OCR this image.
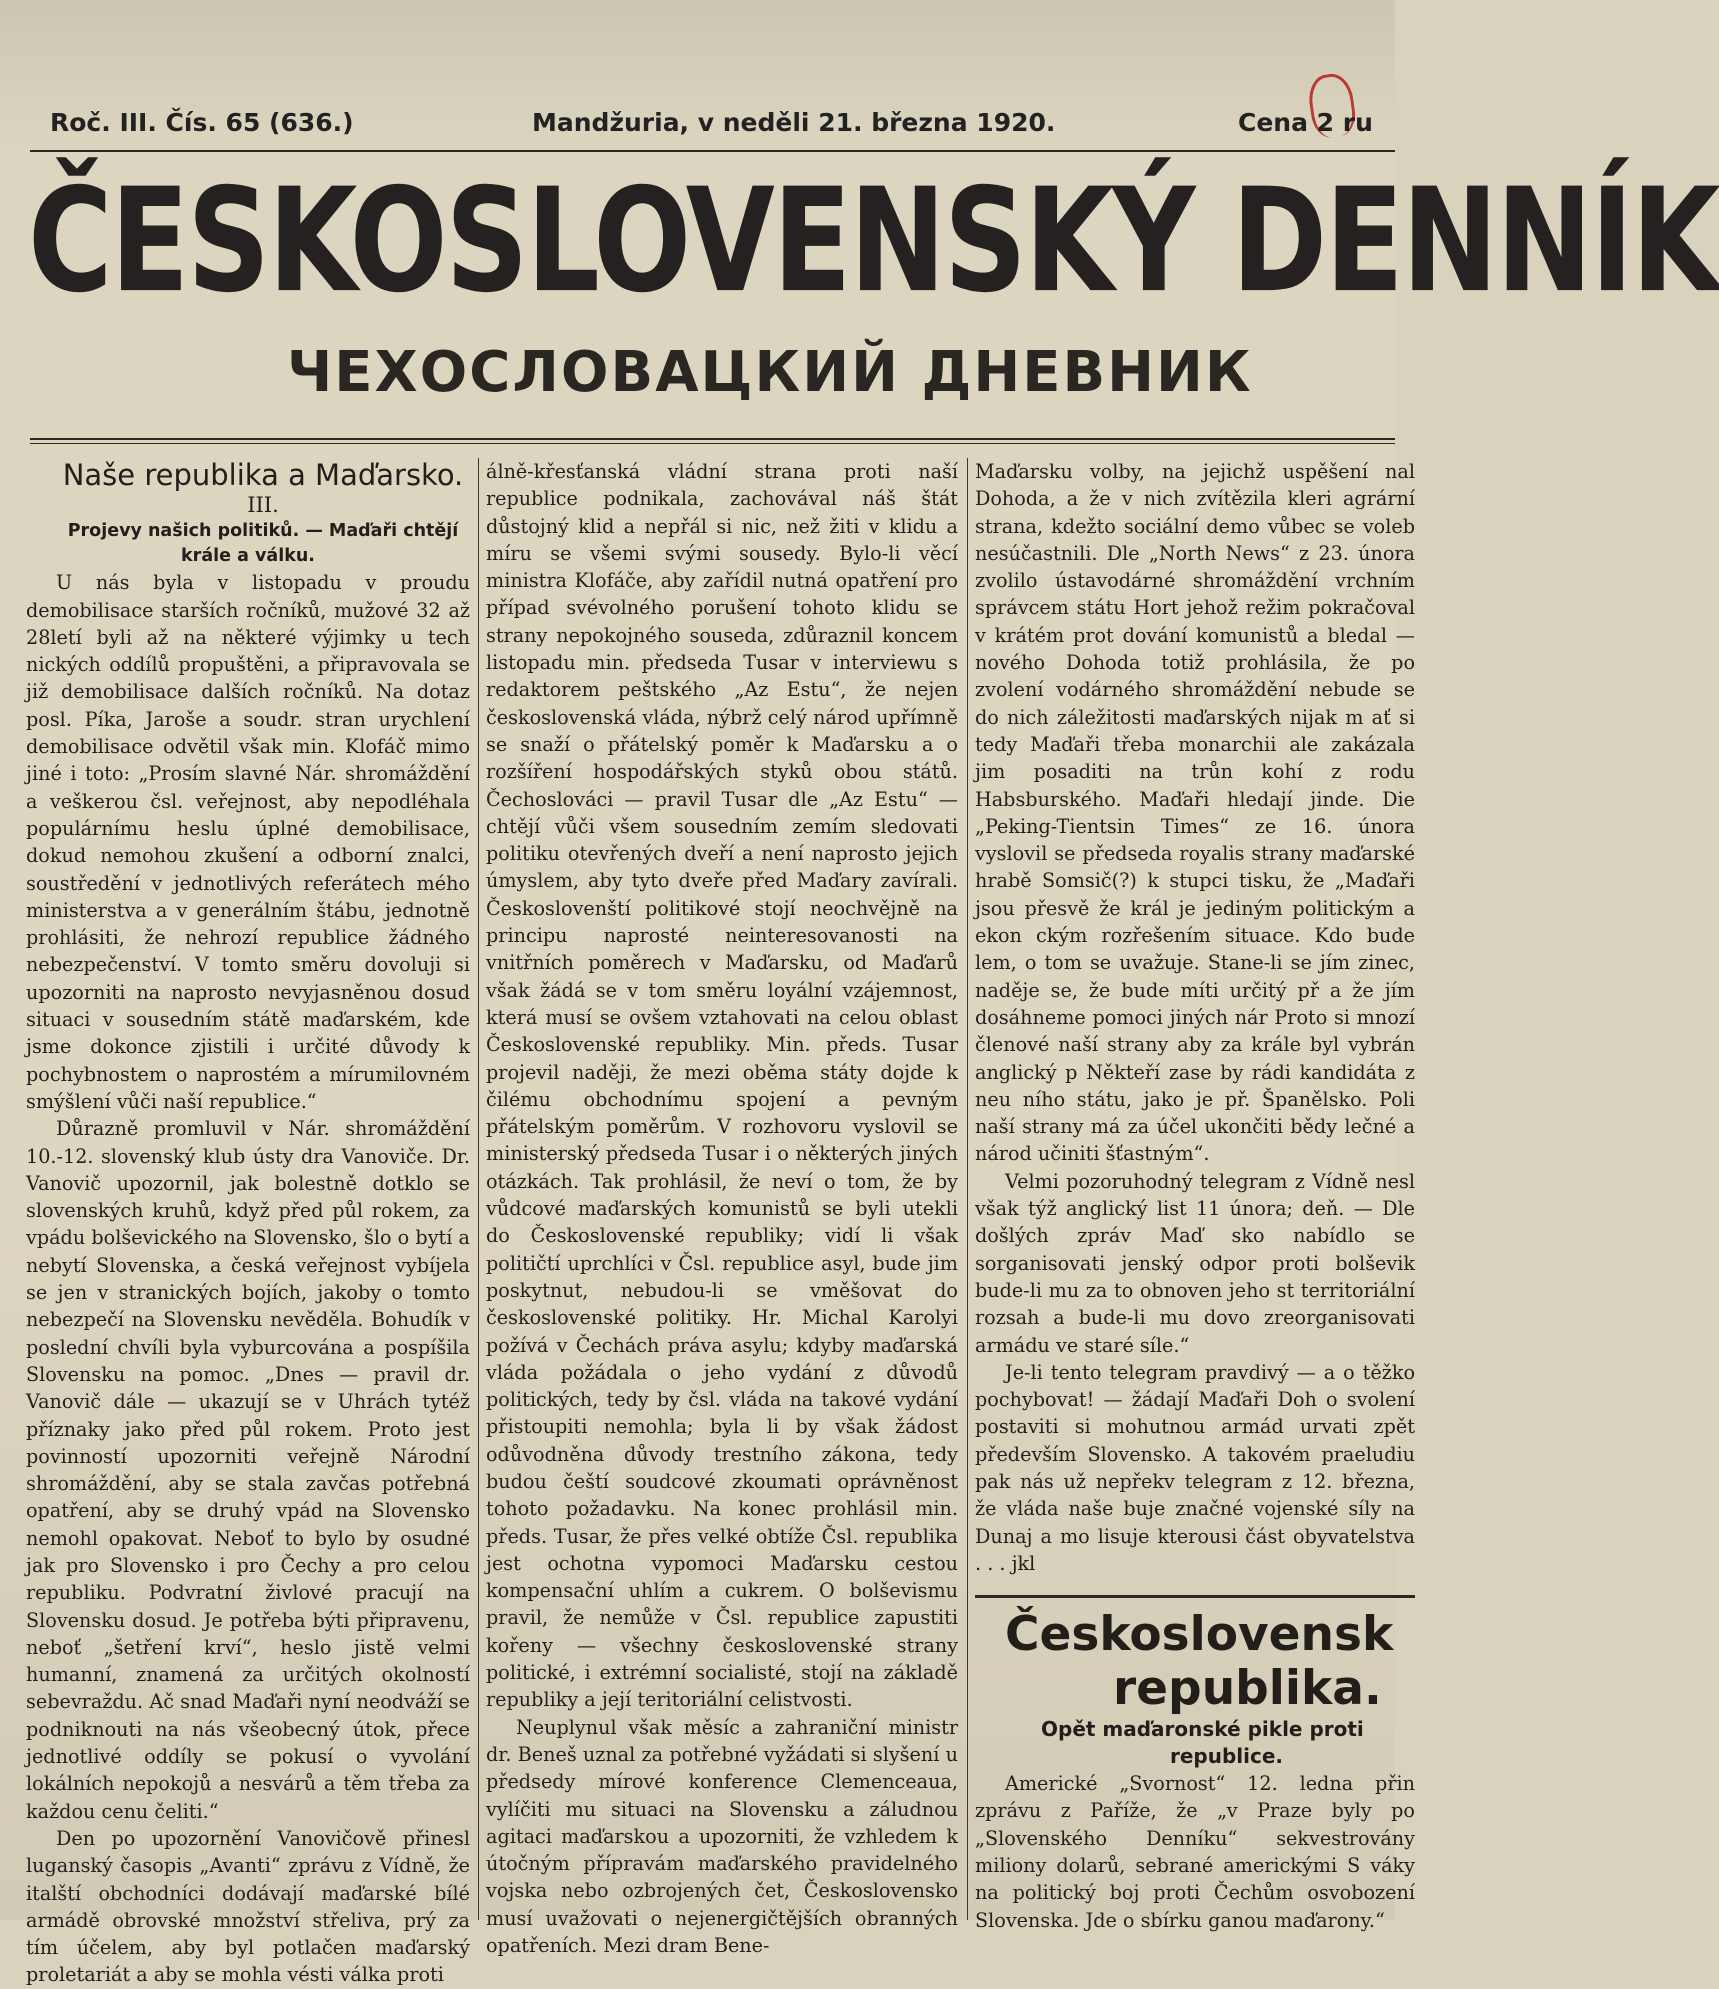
Roč. III. Čís. 65 (636.)	Mandžuria, v neděli 21. března 1920.	Cena 2 ru
ČESKOSLOVENSKÝ DENNÍK
ЧЕХОСЛОВАЦКИЙ ДНЕВНИК

Naše republika a Maďarsko.

III.

Projevy našich politiků. — Maďaři chtějí krále a válku.

U nás byla v listopadu v proudu demobilisace starších ročníků, mužové 32 až 28letí byli až na některé výjimky u tech nických oddílů propuštěni, a připravovala se již demobilisace dalších ročníků. Na dotaz posl. Píka, Jaroše a soudr. stran urychlení demobilisace odvětil však min. Klofáč mimo jiné i toto: „Prosím slavné Nár. shromáždění a veškerou čsl. veřejnost, aby nepodléhala populárnímu heslu úplné demobilisace, dokud nemohou zkušení a odborní znalci, soustředění v jednotlivých referátech mého ministerstva a v generálním štábu, jednotně prohlásiti, že nehrozí republice žádného nebezpečenství. V tomto směru dovoluji si upozorniti na naprosto nevyjasněnou dosud situaci v sousedním státě maďarském, kde jsme dokonce zjistili i určité důvody k pochybnostem o naprostém a mírumilovném smýšlení vůči naší republice.“

Důrazně promluvil v Nár. shromáždění 10.-12. slovenský klub ústy dra Vanoviče. Dr. Vanovič upozornil, jak bolestně dotklo se slovenských kruhů, když před půl rokem, za vpádu bolševického na Slovensko, šlo o bytí a nebytí Slovenska, a česká veřejnost vybíjela se jen v stranických bojích, jakoby o tomto nebezpečí na Slovensku nevěděla. Bohudík v poslední chvíli byla vyburcována a pospíšila Slovensku na pomoc. „Dnes — pravil dr. Vanovič dále — ukazují se v Uhrách tytéž příznaky jako před půl rokem. Proto jest povinností upozorniti veřejně Národní shromáždění, aby se stala zavčas potřebná opatření, aby se druhý vpád na Slovensko nemohl opakovat. Neboť to bylo by osudné jak pro Slovensko i pro Čechy a pro celou republiku. Podvratní živlové pracují na Slovensku dosud. Je potřeba býti připravenu, neboť „šetření krví“, heslo jistě velmi humanní, znamená za určitých okolností sebevraždu. Ač snad Maďaři nyní neodváží se podniknouti na nás všeobecný útok, přece jednotlivé oddíly se pokusí o vyvolání lokálních nepokojů a nesvárů a těm třeba za každou cenu čeliti.“

Den po upozornění Vanovičově přinesl luganský časopis „Avanti“ zprávu z Vídně, že italští obchodníci dodávají maďarské bílé armádě obrovské množství střeliva, prý za tím účelem, aby byl potlačen maďarský proletariát a aby se mohla vésti válka proti

álně-křesťanská vládní strana proti naší republice podnikala, zachovával náš štát důstojný klid a nepřál si nic, než žiti v klidu a míru se všemi svými sousedy. Bylo-li věcí ministra Klofáče, aby zařídil nutná opatření pro případ svévolného porušení tohoto klidu se strany nepokojného souseda, zdůraznil koncem listopadu min. předseda Tusar v interviewu s redaktorem peštského „Az Estu“, že nejen československá vláda, nýbrž celý národ upřímně se snaží o přátelský poměr k Maďarsku a o rozšíření hospodářských styků obou států. Čechoslováci — pravil Tusar dle „Az Estu“ — chtějí vůči všem sousedním zemím sledovati politiku otevřených dveří a není naprosto jejich úmyslem, aby tyto dveře před Maďary zavírali. Českoslovenští politikové stojí neochvějně na principu naprosté neinteresovanosti na vnitřních poměrech v Maďarsku, od Maďarů však žádá se v tom směru loyální vzájemnost, která musí se ovšem vztahovati na celou oblast Československé republiky. Min. předs. Tusar projevil naději, že mezi oběma státy dojde k čilému obchodnímu spojení a pevným přátelským poměrům. V rozhovoru vyslovil se ministerský předseda Tusar i o některých jiných otázkách. Tak prohlásil, že neví o tom, že by vůdcové maďarských komunistů se byli utekli do Československé republiky; vidí li však političtí uprchlíci v Čsl. republice asyl, bude jim poskytnut, nebudou-li se vměšovat do československé politiky. Hr. Michal Karolyi požívá v Čechách práva asylu; kdyby maďarská vláda požádala o jeho vydání z důvodů politických, tedy by čsl. vláda na takové vydání přistoupiti nemohla; byla li by však žádost odůvodněna důvody trestního zákona, tedy budou čeští soudcové zkoumati oprávněnost tohoto požadavku. Na konec prohlásil min. předs. Tusar, že přes velké obtíže Čsl. republika jest ochotna vypomoci Maďarsku cestou kompensační uhlím a cukrem. O bolševismu pravil, že nemůže v Čsl. republice zapustiti kořeny — všechny československé strany politické, i extrémní socialisté, stojí na základě republiky a její teritoriální celistvosti.

Neuplynul však měsíc a zahraniční ministr dr. Beneš uznal za potřebné vyžádati si slyšení u předsedy mírové konference Clemenceaua, vylíčiti mu situaci na Slovensku a záludnou agitaci maďarskou a upozorniti, že vzhledem k útočným přípravám maďarského pravidelného vojska nebo ozbrojených čet, Československo musí uvažovati o nejenergičtějších obranných opatřeních. Mezi dram Bene-

Maďarsku volby, na jejichž uspěšení nal Dohoda, a že v nich zvítězila kleri agrární strana, kdežto sociální demo vůbec se voleb nesúčastnili. Dle „North News“ z 23. února zvolilo ústavodárné shromáždění vrchním správcem státu Hort jehož režim pokračoval v krátém prot dování komunistů a bledal — nového Dohoda totiž prohlásila, že po zvolení vodárného shromáždění nebude se do nich záležitosti maďarských nijak m ať si tedy Maďaři třeba monarchii ale zakázala jim posaditi na trůn kohí z rodu Habsburského. Maďaři hledají jinde. Die „Peking-Tientsin Times“ ze 16. února vyslovil se předseda royalis strany maďarské hrabě Somsič(?) k stupci tisku, že „Maďaři jsou přesvě že král je jediným politickým a ekon ckým rozřešením situace. Kdo bude lem, o tom se uvažuje. Stane-li se jím zinec, naděje se, že bude míti určitý př a že jím dosáhneme pomoci jiných nár Proto si mnozí členové naší strany aby za krále byl vybrán anglický p Někteří zase by rádi kandidáta z neu ního státu, jako je př. Španělsko. Poli naší strany má za účel ukončiti bědy lečné a národ učiniti šťastným“.

Velmi pozoruhodný telegram z Vídně nesl však týž anglický list 11 února; deň. — Dle došlých zpráv Maď sko nabídlo se sorganisovati jenský odpor proti bolševik bude-li mu za to obnoven jeho st territoriální rozsah a bude-li mu dovo zreorganisovati armádu ve staré síle.“

Je-li tento telegram pravdivý — a o těžko pochybovat! — žádají Maďaři Doh o svolení postaviti si mohutnou armád urvati zpět především Slovensko. A takovém praeludiu pak nás už nepřekv telegram z 12. března, že vláda naše buje značné vojenské síly na Dunaj a mo lisuje kterousi část obyvatelstva . . . jkl

Československ

republika.

Opět maďaronské pikle proti

republice.

Americké „Svornost“ 12. ledna přin zprávu z Paříže, že „v Praze byly po „Slovenského Denníku“ sekvestrovány miliony dolarů, sebrané americkými S váky na politický boj proti Čechům osvobození Slovenska. Jde o sbírku ganou maďarony.“
